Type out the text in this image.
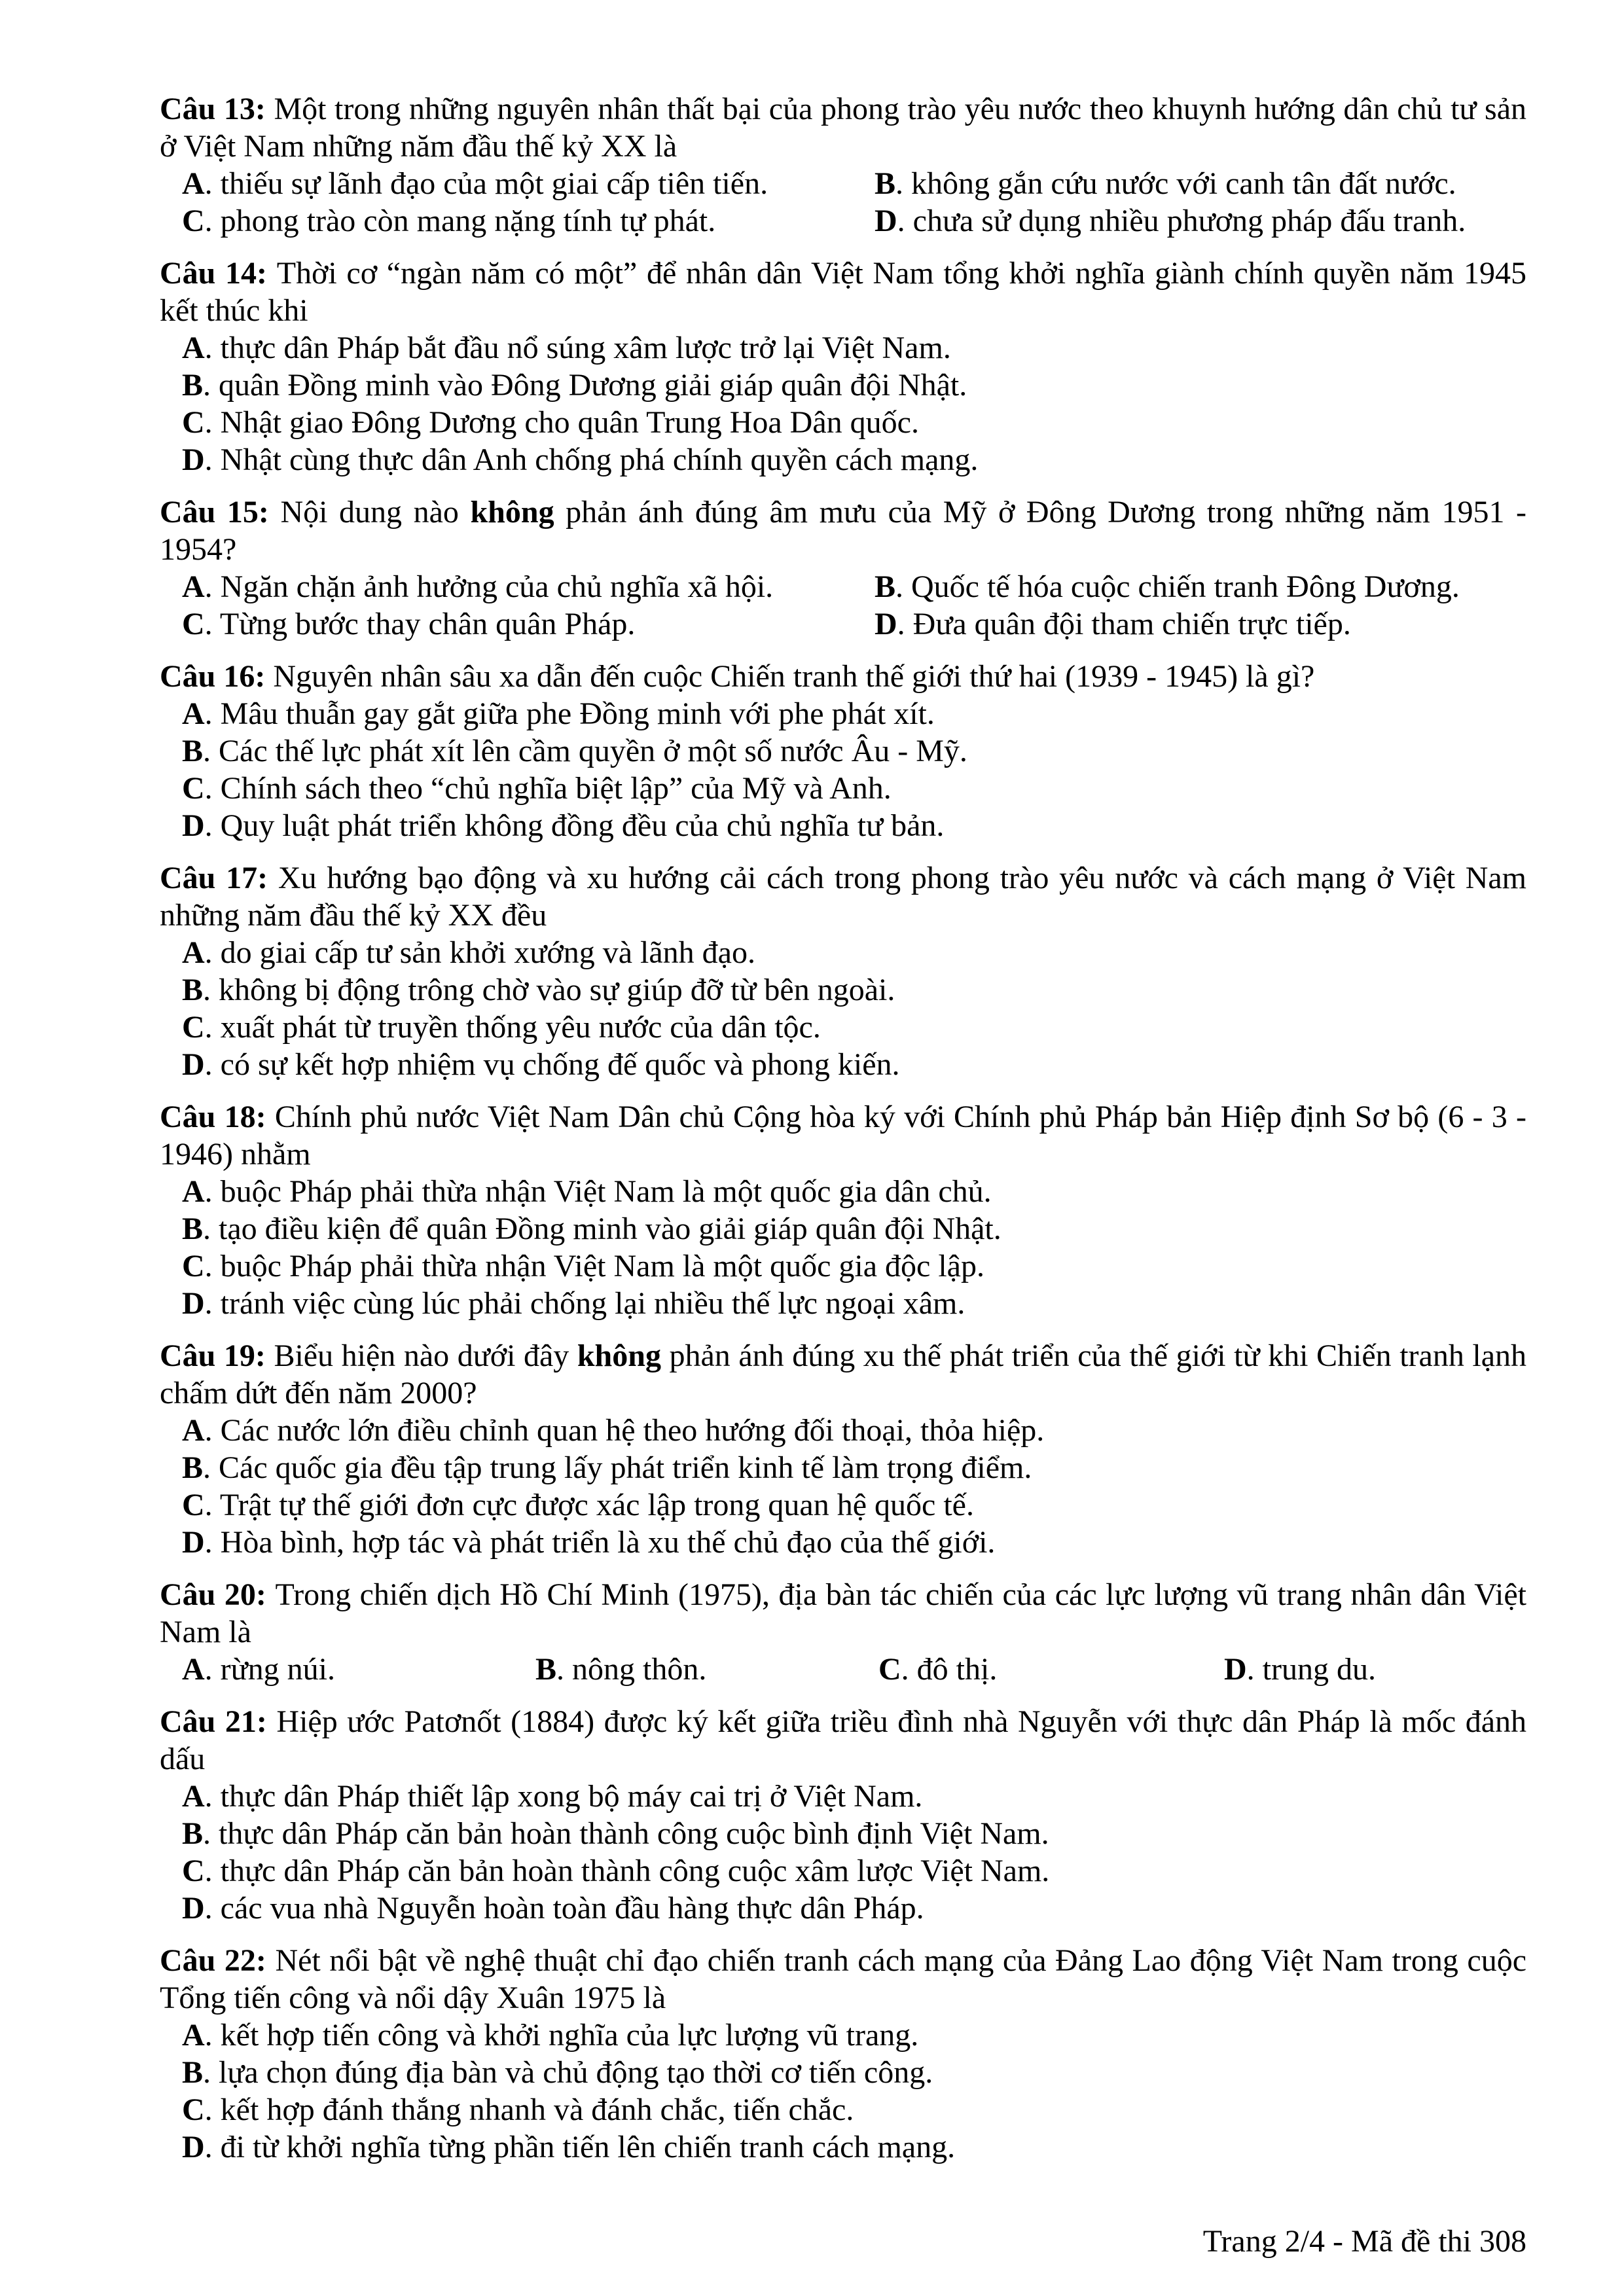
Câu 13: Một trong những nguyên nhân thất bại của phong trào yêu nước theo khuynh hướng dân chủ tư sản ở Việt Nam những năm đầu thế kỷ XX là

A. thiếu sự lãnh đạo của một giai cấp tiên tiến.	B. không gắn cứu nước với canh tân đất nước.
C. phong trào còn mang nặng tính tự phát.	D. chưa sử dụng nhiều phương pháp đấu tranh.

Câu 14: Thời cơ “ngàn năm có một” để nhân dân Việt Nam tổng khởi nghĩa giành chính quyền năm 1945 kết thúc khi

A. thực dân Pháp bắt đầu nổ súng xâm lược trở lại Việt Nam.
B. quân Đồng minh vào Đông Dương giải giáp quân đội Nhật.
C. Nhật giao Đông Dương cho quân Trung Hoa Dân quốc.
D. Nhật cùng thực dân Anh chống phá chính quyền cách mạng.

Câu 15: Nội dung nào không phản ánh đúng âm mưu của Mỹ ở Đông Dương trong những năm 1951 - 1954?

A. Ngăn chặn ảnh hưởng của chủ nghĩa xã hội.	B. Quốc tế hóa cuộc chiến tranh Đông Dương.
C. Từng bước thay chân quân Pháp.	D. Đưa quân đội tham chiến trực tiếp.

Câu 16: Nguyên nhân sâu xa dẫn đến cuộc Chiến tranh thế giới thứ hai (1939 - 1945) là gì?

A. Mâu thuẫn gay gắt giữa phe Đồng minh với phe phát xít.
B. Các thế lực phát xít lên cầm quyền ở một số nước Âu - Mỹ.
C. Chính sách theo “chủ nghĩa biệt lập” của Mỹ và Anh.
D. Quy luật phát triển không đồng đều của chủ nghĩa tư bản.

Câu 17: Xu hướng bạo động và xu hướng cải cách trong phong trào yêu nước và cách mạng ở Việt Nam những năm đầu thế kỷ XX đều

A. do giai cấp tư sản khởi xướng và lãnh đạo.
B. không bị động trông chờ vào sự giúp đỡ từ bên ngoài.
C. xuất phát từ truyền thống yêu nước của dân tộc.
D. có sự kết hợp nhiệm vụ chống đế quốc và phong kiến.

Câu 18: Chính phủ nước Việt Nam Dân chủ Cộng hòa ký với Chính phủ Pháp bản Hiệp định Sơ bộ (6 - 3 - 1946) nhằm

A. buộc Pháp phải thừa nhận Việt Nam là một quốc gia dân chủ.
B. tạo điều kiện để quân Đồng minh vào giải giáp quân đội Nhật.
C. buộc Pháp phải thừa nhận Việt Nam là một quốc gia độc lập.
D. tránh việc cùng lúc phải chống lại nhiều thế lực ngoại xâm.

Câu 19: Biểu hiện nào dưới đây không phản ánh đúng xu thế phát triển của thế giới từ khi Chiến tranh lạnh chấm dứt đến năm 2000?

A. Các nước lớn điều chỉnh quan hệ theo hướng đối thoại, thỏa hiệp.
B. Các quốc gia đều tập trung lấy phát triển kinh tế làm trọng điểm.
C. Trật tự thế giới đơn cực được xác lập trong quan hệ quốc tế.
D. Hòa bình, hợp tác và phát triển là xu thế chủ đạo của thế giới.

Câu 20: Trong chiến dịch Hồ Chí Minh (1975), địa bàn tác chiến của các lực lượng vũ trang nhân dân Việt Nam là

A. rừng núi.	B. nông thôn.	C. đô thị.	D. trung du.

Câu 21: Hiệp ước Patơnốt (1884) được ký kết giữa triều đình nhà Nguyễn với thực dân Pháp là mốc đánh dấu

A. thực dân Pháp thiết lập xong bộ máy cai trị ở Việt Nam.
B. thực dân Pháp căn bản hoàn thành công cuộc bình định Việt Nam.
C. thực dân Pháp căn bản hoàn thành công cuộc xâm lược Việt Nam.
D. các vua nhà Nguyễn hoàn toàn đầu hàng thực dân Pháp.

Câu 22: Nét nổi bật về nghệ thuật chỉ đạo chiến tranh cách mạng của Đảng Lao động Việt Nam trong cuộc Tổng tiến công và nổi dậy Xuân 1975 là

A. kết hợp tiến công và khởi nghĩa của lực lượng vũ trang.
B. lựa chọn đúng địa bàn và chủ động tạo thời cơ tiến công.
C. kết hợp đánh thắng nhanh và đánh chắc, tiến chắc.
D. đi từ khởi nghĩa từng phần tiến lên chiến tranh cách mạng.
Trang 2/4 - Mã đề thi 308
